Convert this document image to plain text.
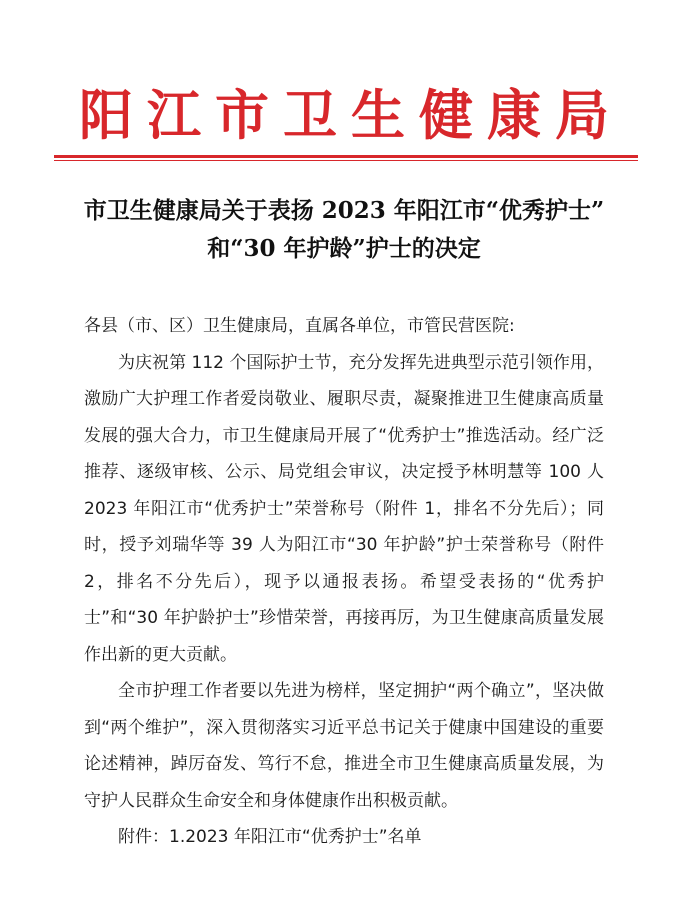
阳江市卫生健康局
市卫生健康局关于表扬 2023 年阳江市“优秀护士”
和“30 年护龄”护士的决定

各县（市、区）卫生健康局，直属各单位，市管民营医院:

为庆祝第 112 个国际护士节，充分发挥先进典型示范引领作用，激励广大护理工作者爱岗敬业、履职尽责，凝聚推进卫生健康高质量发展的强大合力，市卫生健康局开展了“优秀护士”推选活动。经广泛推荐、逐级审核、公示、局党组会审议，决定授予林明慧等 100 人 2023 年阳江市“优秀护士”荣誉称号（附件 1，排名不分先后）；同时，授予刘瑞华等 39 人为阳江市“30 年护龄”护士荣誉称号（附件 2，排名不分先后），现予以通报表扬。希望受表扬的“优秀护士”和“30 年护龄护士”珍惜荣誉，再接再厉，为卫生健康高质量发展作出新的更大贡献。

全市护理工作者要以先进为榜样，坚定拥护“两个确立”，坚决做到“两个维护”，深入贯彻落实习近平总书记关于健康中国建设的重要论述精神，踔厉奋发、笃行不怠，推进全市卫生健康高质量发展，为守护人民群众生命安全和身体健康作出积极贡献。

附件：1.2023 年阳江市“优秀护士”名单
